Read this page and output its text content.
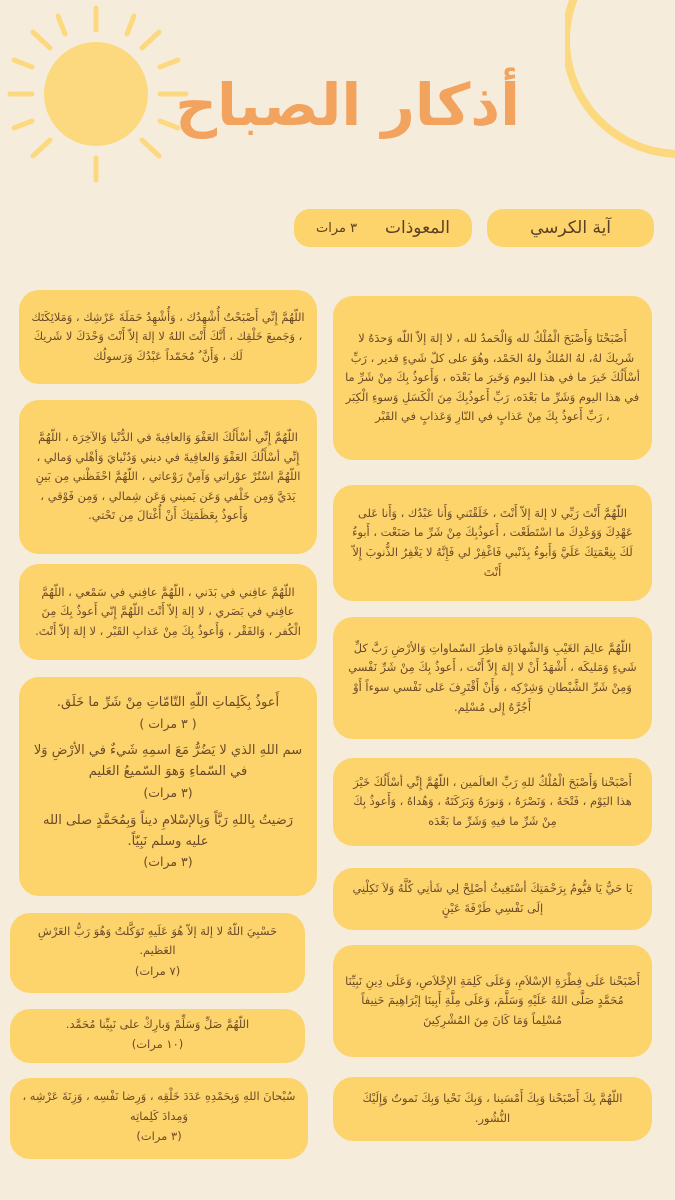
أذكار الصباح
آية الكرسي
المعوذات
٣ مرات

أَصْبَحْنَا وَأَصْبَحَ الْمُلْكُ لله وَالْحَمدُ لله ، لا إلهَ إلاّ اللّه وَحدَهُ لا شَريكَ لهُ، لهُ المُلكُ ولهُ الحَمْد، وهُوَ على كلّ شَيءٍ قدير ، رَبِّ أسْأَلُكَ خَيرَ ما في هذا اليوم وَخَيرَ ما بَعْدَه ، وَأَعوذُ بِكَ مِنْ شَرِّ ما في هذا اليوم وَشَرِّ ما بَعْدَه، رَبِّ أَعوذُبِكَ مِنَ الْكَسَلِ وَسوءِ الْكِبَر ، رَبِّ أَعوذُ بِكَ مِنْ عَذابٍ في النّارِ وَعَذابٍ في القَبْر

اللّهُمَّ أَنْتَ رَبِّي لا إلهَ إلاّ أَنْتَ ، خَلَقْتَني وَأَنا عَبْدُك ، وَأَنا عَلى عَهْدِكَ وَوَعْدِكَ ما اسْتَطَعْت ، أَعوذُبِكَ مِنْ شَرِّ ما صَنَعْت ، أَبوءُ لَكَ بِنِعْمَتِكَ عَلَيَّ وَأَبوءُ بِذَنْبي فَاغْفِرْ لي فَإِنَّهُ لا يَغْفِرُ الذُّنوبَ إِلاّ أَنْتَ

اللّهُمَّ عالِمَ الغَيْبِ وَالشّهادَةِ فاطِرَ السّماواتِ وَالأرْضِ رَبَّ كلِّ شَيءٍ وَمَليكَه ، أَشْهَدُ أَنْ لا إِلهَ إِلاّ أَنْت ، أَعوذُ بِكَ مِنْ شَرِّ نَفْسي وَمِنْ شَرِّ الشَّيْطانِ وَشِرْكِه ، وَأَنْ أَقْتَرِفَ عَلى نَفْسي سوءاً أَوْ أَجُرَّهُ إِلى مُسْلِم.

أَصْبَحْنا وَأَصْبَحَ الْمُلْكُ للهِ رَبِّ العالَمين ، اللّهُمَّ إِنِّي أسْأَلُكَ خَيْرَ هذا اليَوْم ، فَتْحَهُ ، وَنَصْرَهُ ، وَنورَهُ وَبَرَكَتَهُ ، وَهُداهُ ، وَأَعوذُ بِكَ مِنْ شَرِّ ما فيهِ وَشَرِّ ما بَعْدَه

يَا حَيُّ يَا قيُّومُ بِرَحْمَتِكَ أسْتَغِيثُ أصْلِحْ لِي شَأنِي كُلَّهُ وَلاَ تَكِلْنِي إلَى نَفْسِي طَرْفَةَ عَيْنٍ

أَصْبَحْنا عَلَى فِطْرَةِ الإسْلاَمِ، وَعَلَى كَلِمَةِ الإِخْلاَصِ، وَعَلَى دِينِ نَبِيِّنَا مُحَمَّدٍ صَلَّى اللهُ عَلَيْهِ وَسَلَّمَ، وَعَلَى مِلَّةِ أَبِينَا إبْرَاهِيمَ حَنِيفاً مُسْلِماً وَمَا كَانَ مِنَ المُشْرِكِينَ

اللّهُمَّ بِكَ أَصْبَحْنا وَبِكَ أَمْسَينا ، وَبِكَ نَحْيا وَبِكَ نَموتُ وَإِلَيْكَ النُّشُور.

اللّهُمَّ إِنِّي أَصْبَحْتُ أُشْهِدُك ، وَأُشْهِدُ حَمَلَةَ عَرْشِك ، وَمَلائِكَتَك ، وَجَميعَ خَلْقِك ، أَنَّكَ أَنْتَ اللهُ لا إلهَ إلاّ أَنْتَ وَحْدَكَ لا شَريكَ لَك ، وَأَنَّ ُ مُحَمّداً عَبْدُكَ وَرَسولُك

اللّهُمَّ إِنِّي أسْأَلُكَ العَفْوَ وَالعافِيةَ في الدُّنْيا وَالآخِرَة ، اللّهُمَّ إِنِّي أسْأَلُكَ العَفْوَ وَالعافِيةَ في ديني وَدُنْيايَ وَأهْلي وَمالي ، اللّهُمَّ اسْتُرْ عوْراتي وَآمِنْ رَوْعاتي ، اللّهُمَّ احْفَظْني مِن بَينِ يَدَيَّ وَمِن خَلْفي وَعَن يَميني وَعَن شِمالي ، وَمِن فَوْقي ، وَأَعوذُ بِعَظَمَتِكَ أَنْ أُغْتالَ مِن تَحْتي.

اللّهُمَّ عافِني في بَدَني ، اللّهُمَّ عافِني في سَمْعي ، اللّهُمَّ عافِني في بَصَري ، لا إلهَ إلاّ أَنْتَ اللّهُمَّ إِنّي أَعوذُ بِكَ مِنَ الْكُفر ، وَالفَقْر ، وَأَعوذُ بِكَ مِنْ عَذابِ القَبْر ، لا إلهَ إلاّ أَنْتَ.

أَعوذُ بِكَلِماتِ اللّهِ التّامّاتِ مِنْ شَرِّ ما خَلَق.

( ٣ مرات )

سم اللهِ الذي لا يَضُرُّ مَعَ اسمِهِ شَيءٌ في الأرْضِ وَلا في السّماءِ وَهوَ السّميعُ العَليم

(٣ مرات)

رَضيتُ بِاللهِ رَبَّاً وَبِالإسْلامِ ديناً وَبِمُحَمَّدٍ صلى الله عليه وسلم نَبِيّاً.

(٣ مرات)

حَسْبِيَ اللّهُ لا إلهَ إلاّ هُوَ عَلَيهِ تَوَكَّلتُ وَهُوَ رَبُّ العَرْشِ العَظيم.

(٧ مرات)

اللّهُمَّ صَلِّ وَسَلِّمْ وَبارِكْ على نَبِيِّنا مُحَمَّد.

(١٠ مرات)

سُبْحانَ اللهِ وَبِحَمْدِهِ عَدَدَ خَلْقِه ، وَرِضا نَفْسِه ، وَزِنَةَ عَرْشِه ، وَمِدادَ كَلِماتِه

(٣ مرات)
